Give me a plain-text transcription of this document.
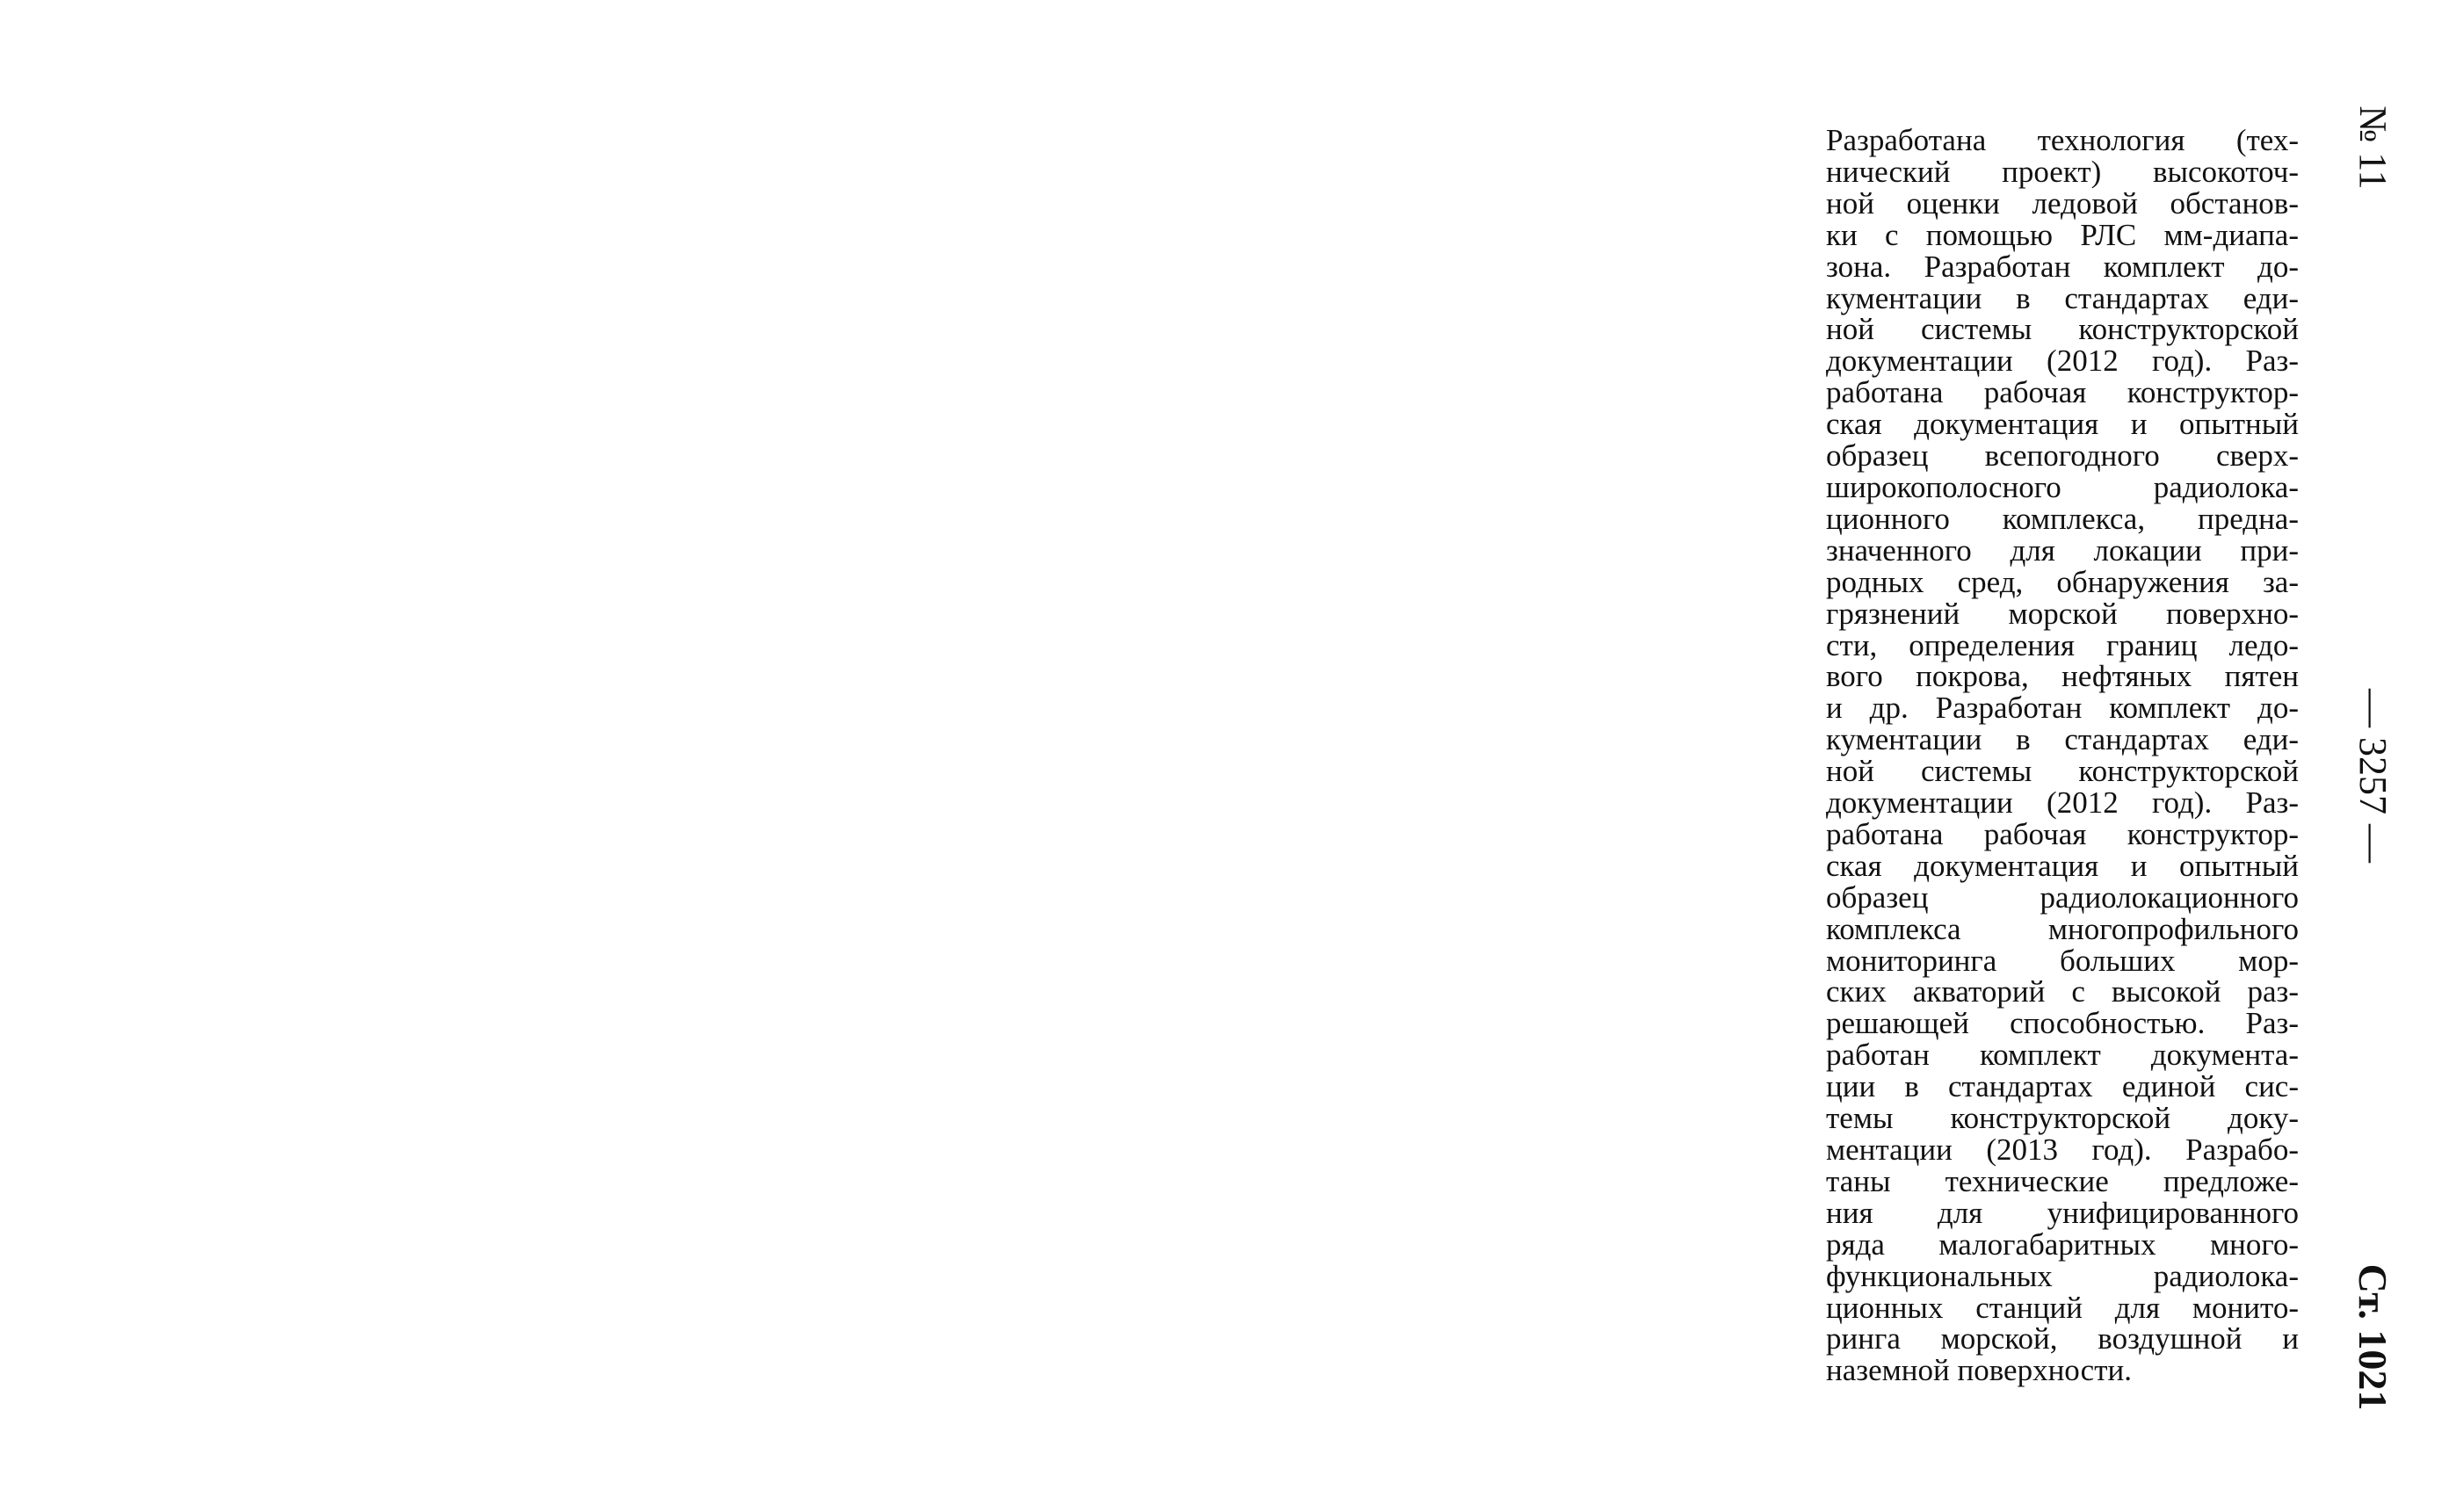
Разработана технология (тех-
нический проект) высокоточ-
ной оценки ледовой обстанов-
ки с помощью РЛС мм-диапа-
зона. Разработан комплект до-
кументации в стандартах еди-
ной системы конструкторской
документации (2012 год). Раз-
работана рабочая конструктор-
ская документация и опытный
образец всепогодного сверх-
широкополосного радиолока-
ционного комплекса, предна-
значенного для локации при-
родных сред, обнаружения за-
грязнений морской поверхно-
сти, определения границ ледо-
вого покрова, нефтяных пятен
и др. Разработан комплект до-
кументации в стандартах еди-
ной системы конструкторской
документации (2012 год). Раз-
работана рабочая конструктор-
ская документация и опытный
образец радиолокационного
комплекса многопрофильного
мониторинга больших мор-
ских акваторий с высокой раз-
решающей способностью. Раз-
работан комплект документа-
ции в стандартах единой сис-
темы конструкторской доку-
ментации (2013 год). Разрабо-
таны технические предложе-
ния для унифицированного
ряда малогабаритных много-
функциональных радиолока-
ционных станций для монито-
ринга морской, воздушной и
наземной поверхности.
№ 11
— 3257 —
Ст. 1021
